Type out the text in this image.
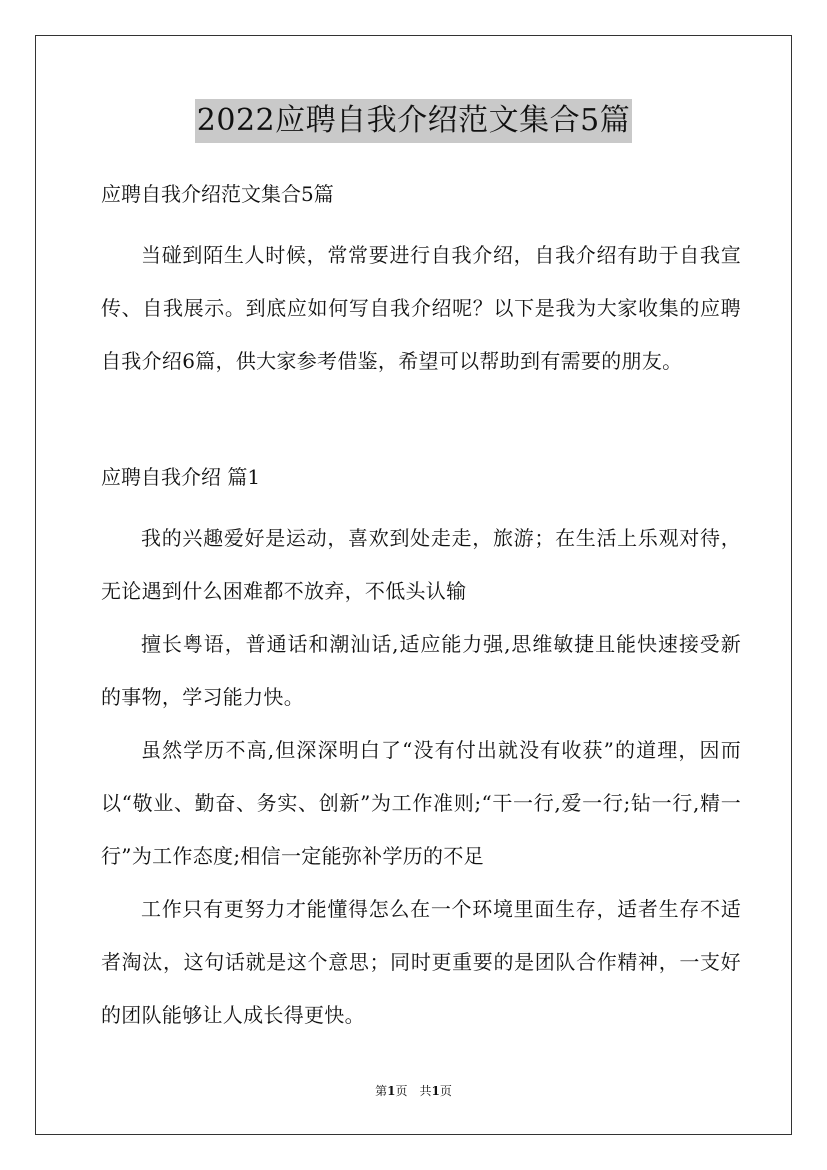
2022应聘自我介绍范文集合5篇

应聘自我介绍范文集合5篇

当碰到陌生人时候，常常要进行自我介绍，自我介绍有助于自我宣传、自我展示。到底应如何写自我介绍呢？以下是我为大家收集的应聘自我介绍6篇，供大家参考借鉴，希望可以帮助到有需要的朋友。

应聘自我介绍 篇1

我的兴趣爱好是运动，喜欢到处走走，旅游；在生活上乐观对待，无论遇到什么困难都不放弃，不低头认输

擅长粤语，普通话和潮汕话,适应能力强,思维敏捷且能快速接受新的事物，学习能力快。

虽然学历不高,但深深明白了“没有付出就没有收获”的道理，因而以“敬业、勤奋、务实、创新”为工作准则;“干一行,爱一行;钻一行,精一行”为工作态度;相信一定能弥补学历的不足

工作只有更努力才能懂得怎么在一个环境里面生存，适者生存不适者淘汰，这句话就是这个意思；同时更重要的是团队合作精神，一支好的团队能够让人成长得更快。

第1页　共1页
